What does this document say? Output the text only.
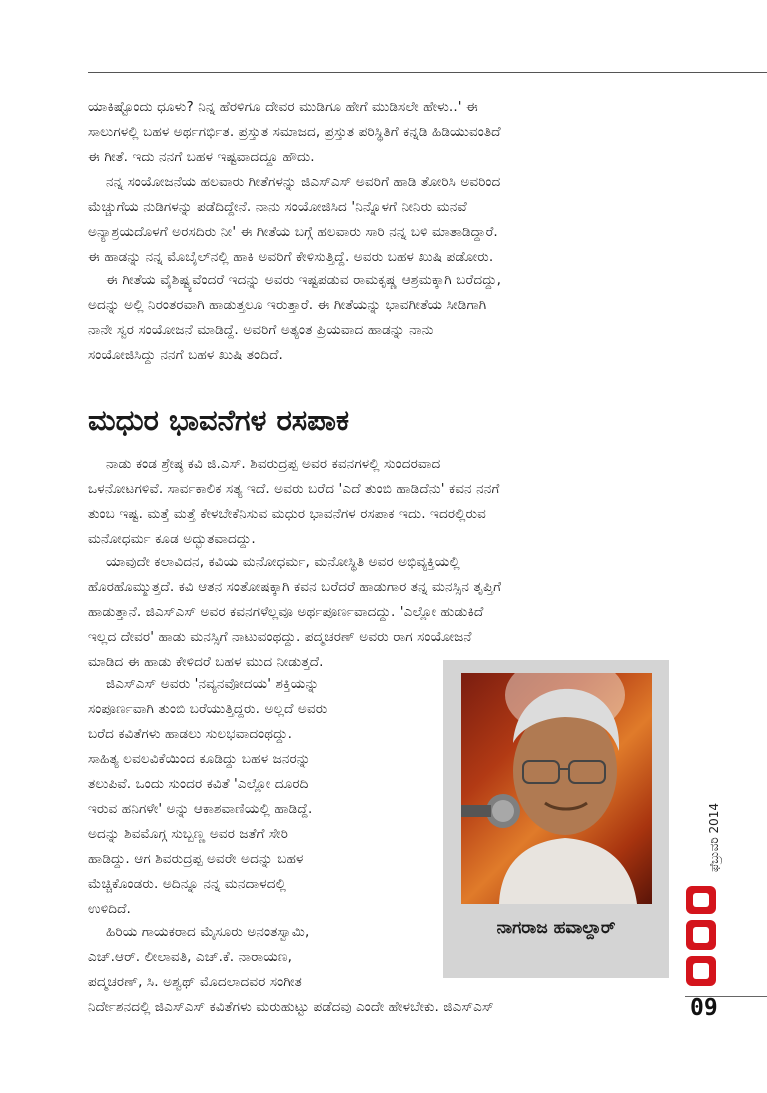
ಯಾಕಿಷ್ಟೊಂದು ಧೂಳು? ನಿನ್ನ ಹೆರಳಿಗೂ ದೇವರ ಮುಡಿಗೂ ಹೇಗೆ ಮುಡಿಸಲೇ ಹೇಳು..' ಈ
ಸಾಲುಗಳಲ್ಲಿ ಬಹಳ ಅರ್ಥಗರ್ಭಿತ. ಪ್ರಸ್ತುತ ಸಮಾಜದ, ಪ್ರಸ್ತುತ ಪರಿಸ್ಥಿತಿಗೆ ಕನ್ನಡಿ ಹಿಡಿಯುವಂತಿದೆ
ಈ ಗೀತೆ. ಇದು ನನಗೆ ಬಹಳ ಇಷ್ಟವಾದದ್ದೂ ಹೌದು.
ನನ್ನ ಸಂಯೋಜನೆಯ ಹಲವಾರು ಗೀತೆಗಳನ್ನು ಜಿಎಸ್‌ಎಸ್ ಅವರಿಗೆ ಹಾಡಿ ತೋರಿಸಿ ಅವರಿಂದ
ಮೆಚ್ಚುಗೆಯ ನುಡಿಗಳನ್ನು ಪಡೆದಿದ್ದೇನೆ. ನಾನು ಸಂಯೋಜಿಸಿದ 'ನಿನ್ನೊಳಗೆ ನೀನಿರು ಮನವೆ
ಅನ್ಯಾಶ್ರಯದೊಳಗೆ ಅರಸದಿರು ನೀ' ಈ ಗೀತೆಯ ಬಗ್ಗೆ ಹಲವಾರು ಸಾರಿ ನನ್ನ ಬಳಿ ಮಾತಾಡಿದ್ದಾರೆ.
ಈ ಹಾಡನ್ನು ನನ್ನ ಮೊಬೈಲ್‌ನಲ್ಲಿ ಹಾಕಿ ಅವರಿಗೆ ಕೇಳಿಸುತ್ತಿದ್ದೆ. ಅವರು ಬಹಳ ಖುಷಿ ಪಡೋರು.
ಈ ಗೀತೆಯ ವೈಶಿಷ್ಟ್ಯವೆಂದರೆ ಇದನ್ನು ಅವರು ಇಷ್ಟಪಡುವ ರಾಮಕೃಷ್ಣ ಆಶ್ರಮಕ್ಕಾಗಿ ಬರೆದದ್ದು,
ಅದನ್ನು ಅಲ್ಲಿ ನಿರಂತರವಾಗಿ ಹಾಡುತ್ತಲೂ ಇರುತ್ತಾರೆ. ಈ ಗೀತೆಯನ್ನು ಭಾವಗೀತೆಯ ಸೀಡಿಗಾಗಿ
ನಾನೇ ಸ್ವರ ಸಂಯೋಜನೆ ಮಾಡಿದ್ದೆ. ಅವರಿಗೆ ಅತ್ಯಂತ ಪ್ರಿಯವಾದ ಹಾಡನ್ನು ನಾನು
ಸಂಯೋಜಿಸಿದ್ದು ನನಗೆ ಬಹಳ ಖುಷಿ ತಂದಿದೆ.
ಮಧುರ ಭಾವನೆಗಳ ರಸಪಾಕ
ನಾಡು ಕಂಡ ಶ್ರೇಷ್ಠ ಕವಿ ಜಿ.ಎಸ್. ಶಿವರುದ್ರಪ್ಪ ಅವರ ಕವನಗಳಲ್ಲಿ ಸುಂದರವಾದ
ಒಳನೋಟಗಳಿವೆ. ಸಾರ್ವಕಾಲಿಕ ಸತ್ಯ ಇದೆ. ಅವರು ಬರೆದ 'ಎದೆ ತುಂಬಿ ಹಾಡಿದೆನು' ಕವನ ನನಗೆ
ತುಂಬ ಇಷ್ಟ. ಮತ್ತೆ ಮತ್ತೆ ಕೇಳಬೇಕೆನಿಸುವ ಮಧುರ ಭಾವನೆಗಳ ರಸಪಾಕ ಇದು. ಇದರಲ್ಲಿರುವ
ಮನೋಧರ್ಮ ಕೂಡ ಅದ್ಭುತವಾದದ್ದು.
ಯಾವುದೇ ಕಲಾವಿದನ, ಕವಿಯ ಮನೋಧರ್ಮ, ಮನೋಸ್ಥಿತಿ ಅವರ ಅಭಿವ್ಯಕ್ತಿಯಲ್ಲಿ
ಹೊರಹೊಮ್ಮುತ್ತದೆ. ಕವಿ ಆತನ ಸಂತೋಷಕ್ಕಾಗಿ ಕವನ ಬರೆದರೆ ಹಾಡುಗಾರ ತನ್ನ ಮನಸ್ಸಿನ ತೃಪ್ತಿಗೆ
ಹಾಡುತ್ತಾನೆ. ಜಿಎಸ್‌ಎಸ್ ಅವರ ಕವನಗಳೆಲ್ಲವೂ ಅರ್ಥಪೂರ್ಣವಾದದ್ದು. 'ಎಲ್ಲೋ ಹುಡುಕಿದೆ
ಇಲ್ಲದ ದೇವರ' ಹಾಡು ಮನಸ್ಸಿಗೆ ನಾಟುವಂಥದ್ದು. ಪದ್ಮಚರಣ್ ಅವರು ರಾಗ ಸಂಯೋಜನೆ
ಮಾಡಿದ ಈ ಹಾಡು ಕೇಳಿದರೆ ಬಹಳ ಮುದ ನೀಡುತ್ತದೆ.
ಜಿಎಸ್‌ಎಸ್ ಅವರು 'ನವ್ಯನವೋದಯ' ಶಕ್ತಿಯನ್ನು
ಸಂಪೂರ್ಣವಾಗಿ ತುಂಬಿ ಬರೆಯುತ್ತಿದ್ದರು. ಅಲ್ಲದೆ ಅವರು
ಬರೆದ ಕವಿತೆಗಳು ಹಾಡಲು ಸುಲಭವಾದಂಥದ್ದು.
ಸಾಹಿತ್ಯ ಲವಲವಿಕೆಯಿಂದ ಕೂಡಿದ್ದು ಬಹಳ ಜನರನ್ನು
ತಲುಪಿವೆ. ಒಂದು ಸುಂದರ ಕವಿತೆ 'ಎಲ್ಲೋ ದೂರದಿ
ಇರುವ ಹನಿಗಳೇ' ಅನ್ನು ಆಕಾಶವಾಣಿಯಲ್ಲಿ ಹಾಡಿದ್ದೆ.
ಅದನ್ನು ಶಿವಮೊಗ್ಗ ಸುಬ್ಬಣ್ಣ ಅವರ ಜತೆಗೆ ಸೇರಿ
ಹಾಡಿದ್ದು. ಆಗ ಶಿವರುದ್ರಪ್ಪ ಅವರೇ ಅದನ್ನು ಬಹಳ
ಮೆಚ್ಚಿಕೊಂಡರು. ಅದಿನ್ನೂ ನನ್ನ ಮನದಾಳದಲ್ಲಿ
ಉಳಿದಿದೆ.
ಹಿರಿಯ ಗಾಯಕರಾದ ಮೈಸೂರು ಅನಂತಸ್ವಾಮಿ,
ಎಚ್.ಆರ್. ಲೀಲಾವತಿ, ಎಚ್.ಕೆ. ನಾರಾಯಣ,
ಪದ್ಮಚರಣ್, ಸಿ. ಅಶ್ವಥ್ ಮೊದಲಾದವರ ಸಂಗೀತ
ನಿರ್ದೇಶನದಲ್ಲಿ ಜಿಎಸ್‌ಎಸ್ ಕವಿತೆಗಳು ಮರುಹುಟ್ಟು ಪಡೆದವು ಎಂದೇ ಹೇಳಬೇಕು. ಜಿಎಸ್‌ಎಸ್

ನಾಗರಾಜ ಹವಾಲ್ದಾರ್

ಫೆಬ್ರುವರಿ 2014
09
